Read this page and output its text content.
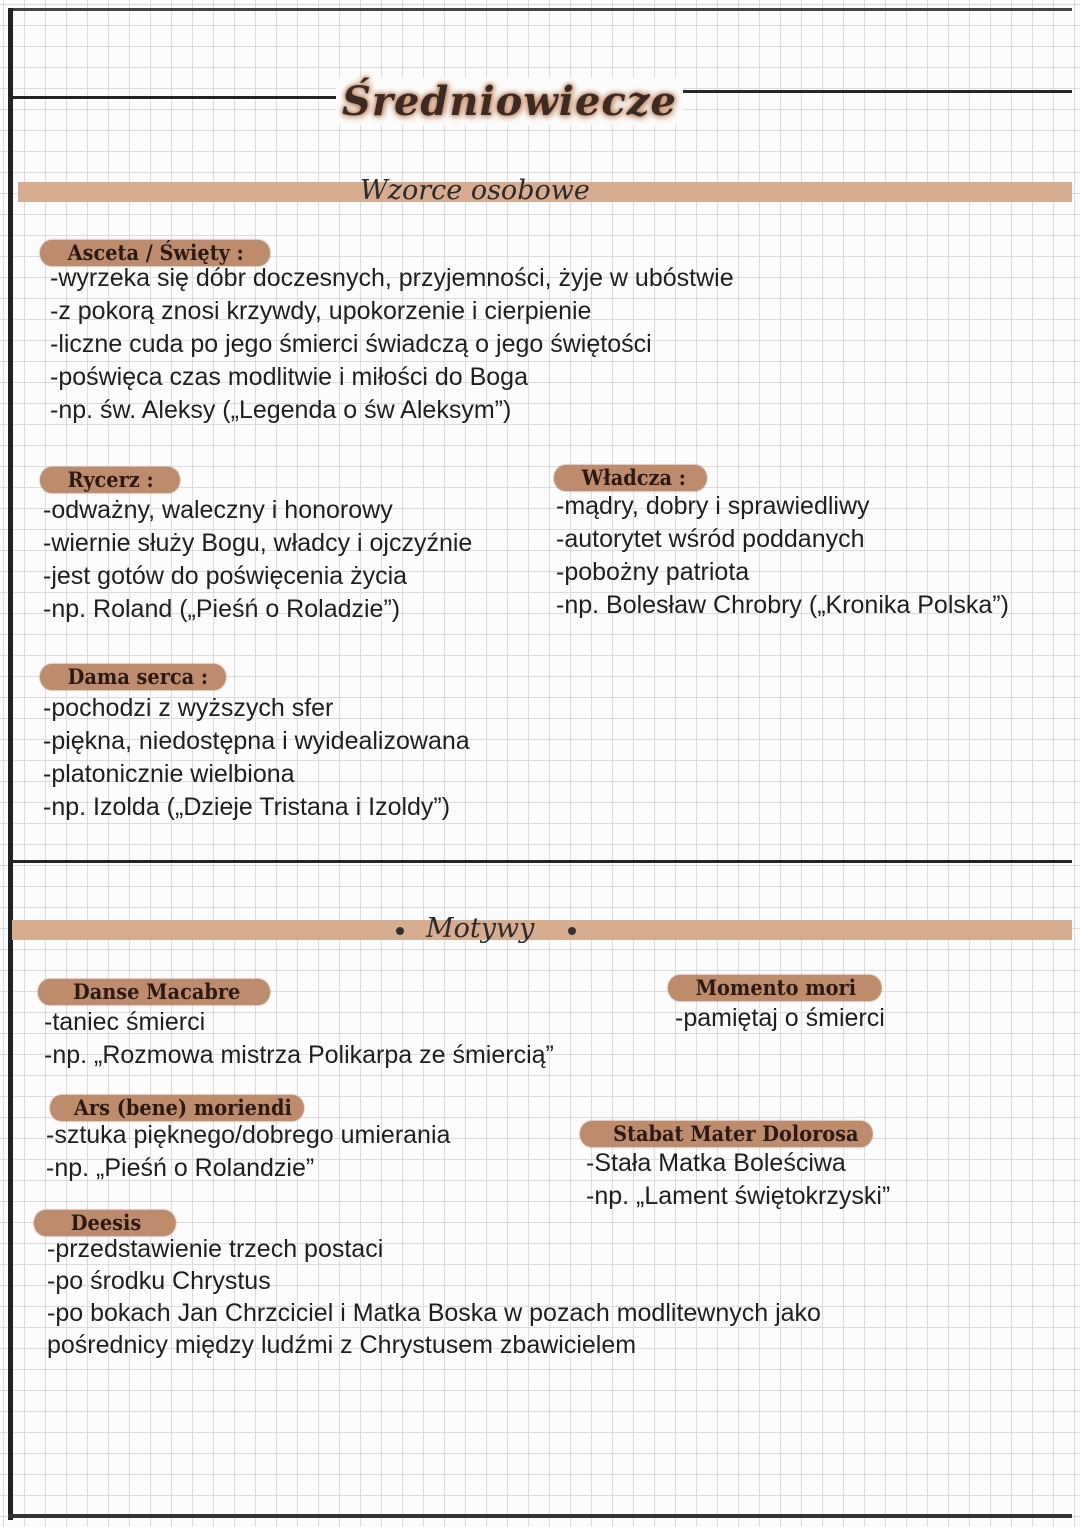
Średniowiecze
Wzorce osobowe
Asceta / Święty :
-wyrzeka się dóbr doczesnych, przyjemności, żyje w ubóstwie
-z pokorą znosi krzywdy, upokorzenie i cierpienie
-liczne cuda po jego śmierci świadczą o jego świętości
-poświęca czas modlitwie i miłości do Boga
-np. św. Aleksy („Legenda o św Aleksym”)
Rycerz :
-odważny, waleczny i honorowy
-wiernie służy Bogu, władcy i ojczyźnie
-jest gotów do poświęcenia życia
-np. Roland („Pieśń o Roladzie”)
Władcza :
-mądry, dobry i sprawiedliwy
-autorytet wśród poddanych
-pobożny patriota
-np. Bolesław Chrobry („Kronika Polska”)
Dama serca :
-pochodzi z wyższych sfer
-piękna, niedostępna i wyidealizowana
-platonicznie wielbiona
-np. Izolda („Dzieje Tristana i Izoldy”)
Motywy
Danse Macabre
-taniec śmierci
-np. „Rozmowa mistrza Polikarpa ze śmiercią”
Momento mori
-pamiętaj o śmierci
Ars (bene) moriendi
-sztuka pięknego/dobrego umierania
-np. „Pieśń o Rolandzie”
Stabat Mater Dolorosa
-Stała Matka Boleściwa
-np. „Lament świętokrzyski”
Deesis
-przedstawienie trzech postaci
-po środku Chrystus
-po bokach Jan Chrzciciel i Matka Boska w pozach modlitewnych jako
pośrednicy między ludźmi z Chrystusem zbawicielem
